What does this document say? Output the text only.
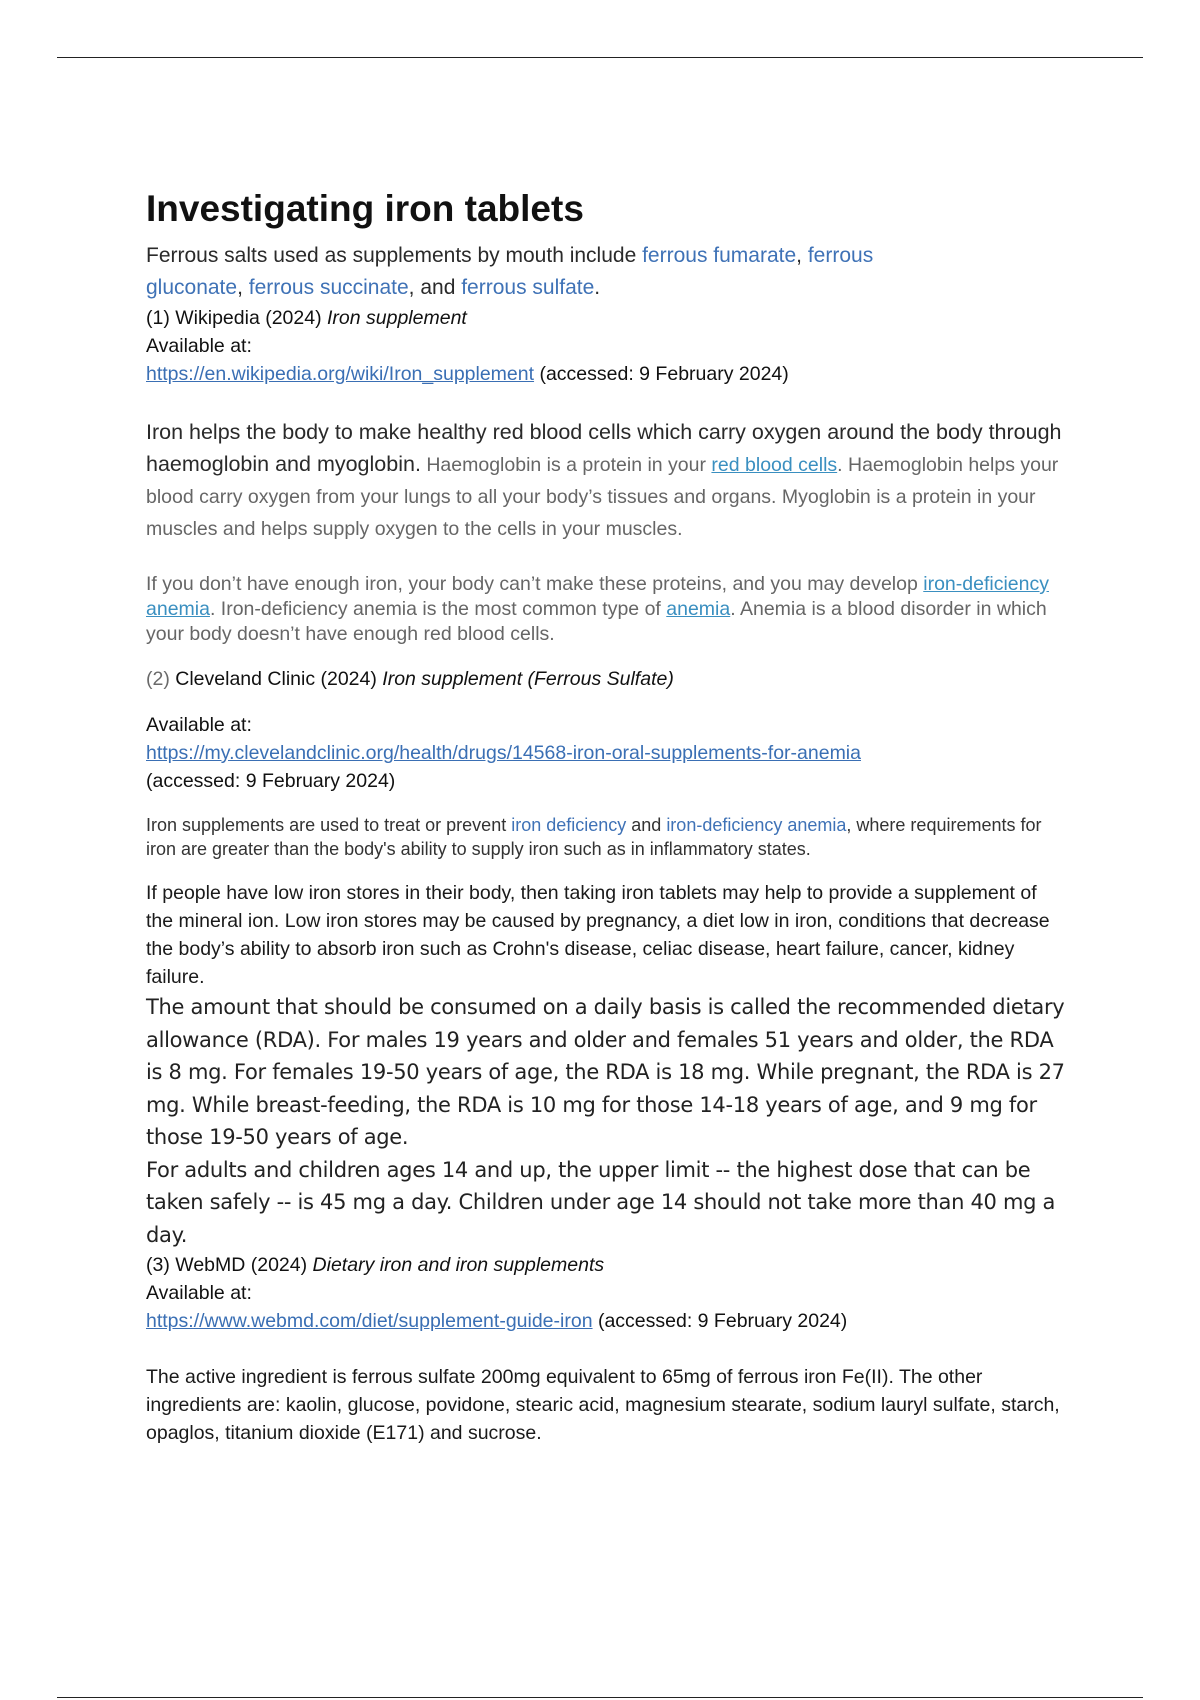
Investigating iron tablets

Ferrous salts used as supplements by mouth include ferrous fumarate, ferrous
gluconate, ferrous succinate, and ferrous sulfate.

(1) Wikipedia (2024) Iron supplement

Available at:

https://en.wikipedia.org/wiki/Iron_supplement (accessed: 9 February 2024)

Iron helps the body to make healthy red blood cells which carry oxygen around the body through haemoglobin and myoglobin. Haemoglobin is a protein in your red blood cells. Haemoglobin helps your blood carry oxygen from your lungs to all your body’s tissues and organs. Myoglobin is a protein in your muscles and helps supply oxygen to the cells in your muscles.

If you don’t have enough iron, your body can’t make these proteins, and you may develop iron-deficiency anemia. Iron-deficiency anemia is the most common type of anemia. Anemia is a blood disorder in which your body doesn’t have enough red blood cells.

(2) Cleveland Clinic (2024) Iron supplement (Ferrous Sulfate)

Available at:

https://my.clevelandclinic.org/health/drugs/14568-iron-oral-supplements-for-anemia

(accessed: 9 February 2024)

Iron supplements are used to treat or prevent iron deficiency and iron-deficiency anemia, where requirements for iron are greater than the body's ability to supply iron such as in inflammatory states.

If people have low iron stores in their body, then taking iron tablets may help to provide a supplement of the mineral ion. Low iron stores may be caused by pregnancy, a diet low in iron, conditions that decrease the body’s ability to absorb iron such as Crohn's disease, celiac disease, heart failure, cancer, kidney failure.

The amount that should be consumed on a daily basis is called the recommended dietary allowance (RDA). For males 19 years and older and females 51 years and older, the RDA is 8 mg. For females 19-50 years of age, the RDA is 18 mg. While pregnant, the RDA is 27 mg. While breast-feeding, the RDA is 10 mg for those 14-18 years of age, and 9 mg for those 19-50 years of age.

For adults and children ages 14 and up, the upper limit -- the highest dose that can be taken safely -- is 45 mg a day. Children under age 14 should not take more than 40 mg a day.

(3) WebMD (2024) Dietary iron and iron supplements

Available at:

https://www.webmd.com/diet/supplement-guide-iron (accessed: 9 February 2024)

The active ingredient is ferrous sulfate 200mg equivalent to 65mg of ferrous iron Fe(II). The other ingredients are: kaolin, glucose, povidone, stearic acid, magnesium stearate, sodium lauryl sulfate, starch, opaglos, titanium dioxide (E171) and sucrose.
